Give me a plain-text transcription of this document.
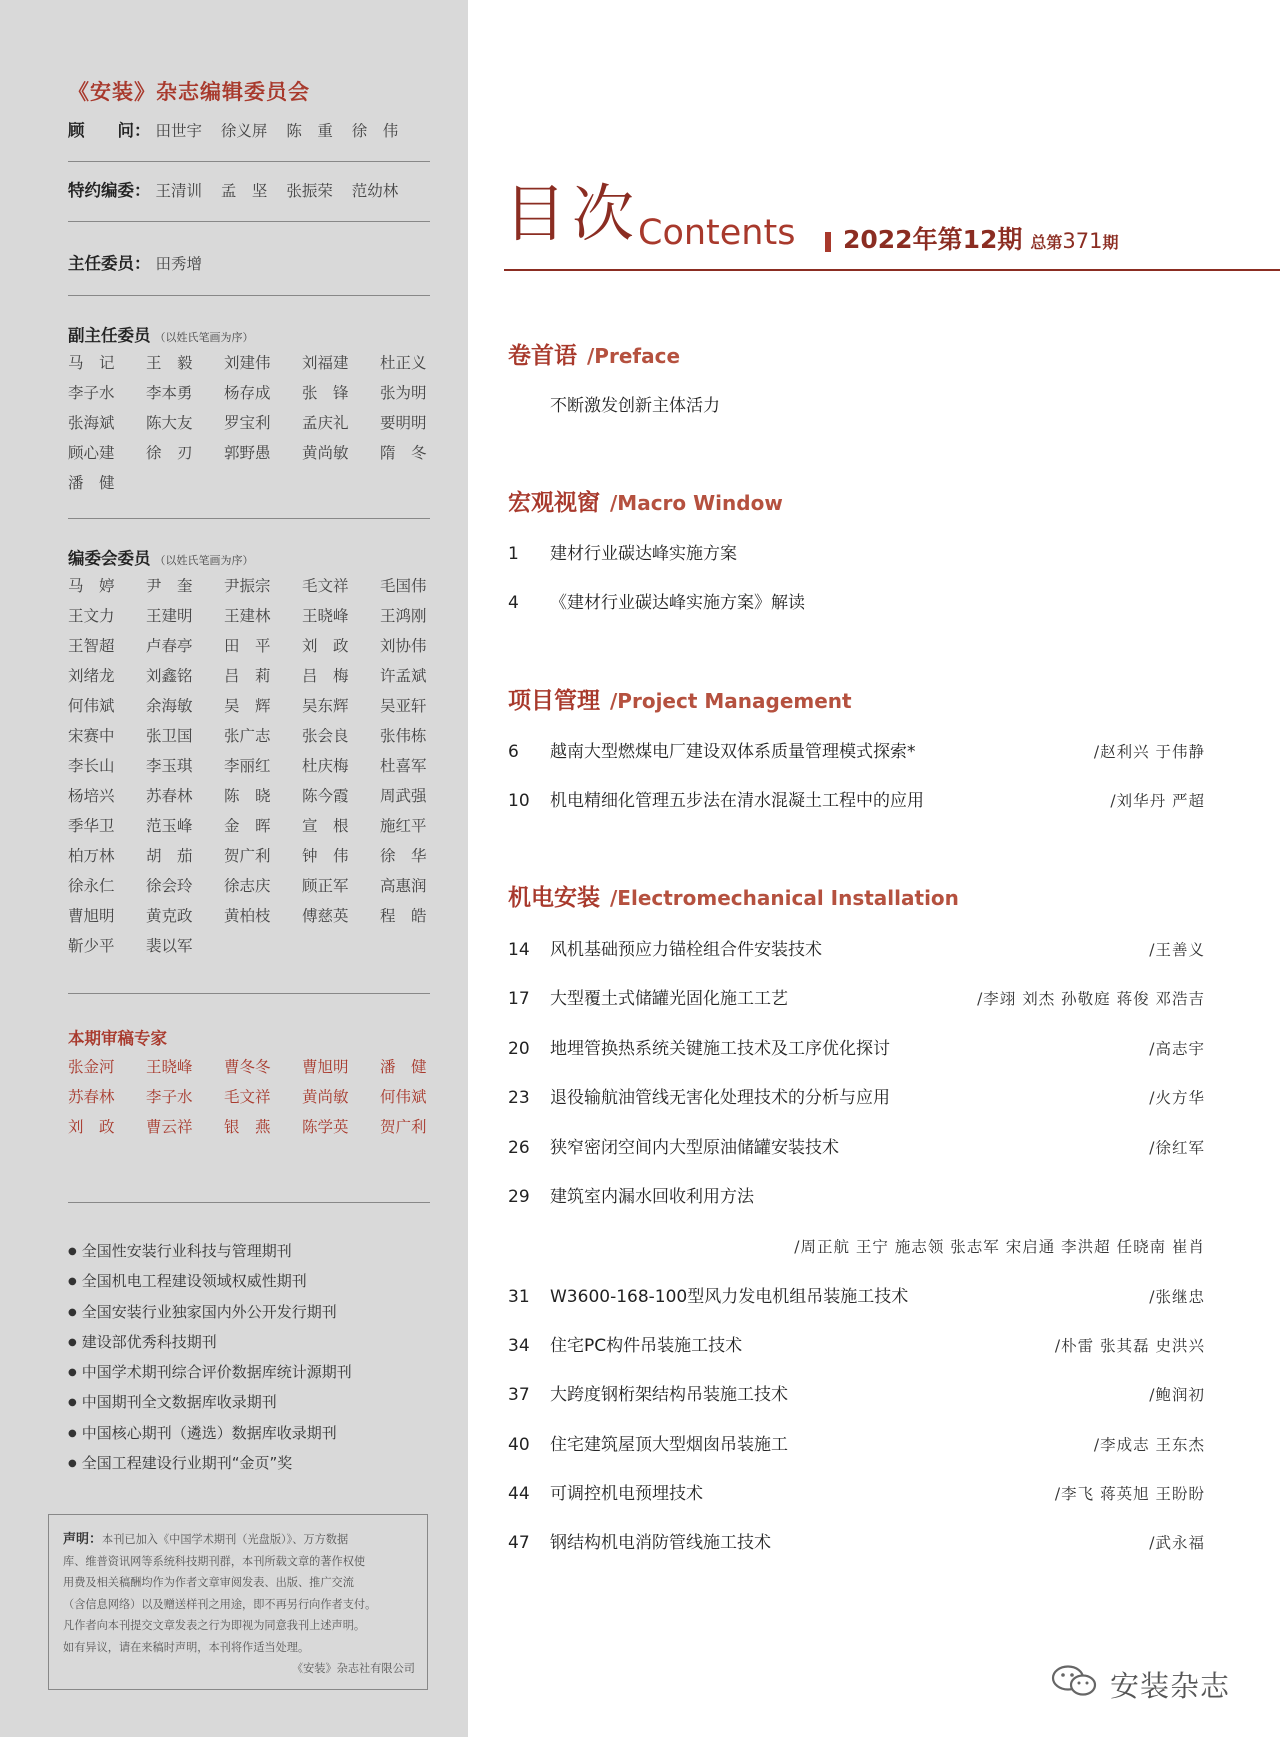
《安装》杂志编辑委员会
顾　　问： 田世宇 徐义屏 陈　重 徐　伟
特约编委： 王清训 孟　坚 张振荣 范幼林
主任委员： 田秀增
副主任委员 （以姓氏笔画为序）
马　记	王　毅	刘建伟	刘福建	杜正义
李子水	李本勇	杨存成	张　锋	张为明
张海斌	陈大友	罗宝利	孟庆礼	要明明
顾心建	徐　刃	郭野愚	黄尚敏	隋　冬
潘　健
编委会委员 （以姓氏笔画为序）
马　婷	尹　奎	尹振宗	毛文祥	毛国伟
王文力	王建明	王建林	王晓峰	王鸿刚
王智超	卢春亭	田　平	刘　政	刘协伟
刘绪龙	刘鑫铭	吕　莉	吕　梅	许孟斌
何伟斌	余海敏	吴　辉	吴东辉	吴亚轩
宋赛中	张卫国	张广志	张会良	张伟栋
李长山	李玉琪	李丽红	杜庆梅	杜喜军
杨培兴	苏春林	陈　晓	陈今霞	周武强
季华卫	范玉峰	金　晖	宣　根	施红平
柏万林	胡　茄	贺广利	钟　伟	徐　华
徐永仁	徐会玲	徐志庆	顾正军	高惠润
曹旭明	黄克政	黄柏枝	傅慈英	程　皓
靳少平	裴以军
本期审稿专家
张金河	王晓峰	曹冬冬	曹旭明	潘　健
苏春林	李子水	毛文祥	黄尚敏	何伟斌
刘　政	曹云祥	银　燕	陈学英	贺广利
● 全国性安装行业科技与管理期刊
● 全国机电工程建设领域权威性期刊
● 全国安装行业独家国内外公开发行期刊
● 建设部优秀科技期刊
● 中国学术期刊综合评价数据库统计源期刊
● 中国期刊全文数据库收录期刊
● 中国核心期刊（遴选）数据库收录期刊
● 全国工程建设行业期刊“金页”奖
声明：本刊已加入《中国学术期刊（光盘版）》、万方数据
库、维普资讯网等系统科技期刊群，本刊所载文章的著作权使
用费及相关稿酬均作为作者文章审阅发表、出版、推广交流
（含信息网络）以及赠送样刊之用途，即不再另行向作者支付。
凡作者向本刊提交文章发表之行为即视为同意我刊上述声明。
如有异议，请在来稿时声明，本刊将作适当处理。
《安装》杂志社有限公司
目次
Contents 2022年第12期 总第371期
卷首语 /Preface
不断激发创新主体活力
宏观视窗 /Macro Window
1 建材行业碳达峰实施方案
4 《建材行业碳达峰实施方案》解读
项目管理 /Project Management
6 越南大型燃煤电厂建设双体系质量管理模式探索*	/赵利兴 于伟静
10 机电精细化管理五步法在清水混凝土工程中的应用	/刘华丹 严超
机电安装 /Electromechanical Installation
14 风机基础预应力锚栓组合件安装技术	/王善义
17 大型覆土式储罐光固化施工工艺	/李翊 刘杰 孙敬庭 蒋俊 邓浩吉
20 地埋管换热系统关键施工技术及工序优化探讨	/高志宇
23 退役输航油管线无害化处理技术的分析与应用	/火方华
26 狭窄密闭空间内大型原油储罐安装技术	/徐红军
29 建筑室内漏水回收利用方法
/周正航 王宁 施志领 张志军 宋启通 李洪超 任晓南 崔肖
31 W3600-168-100型风力发电机组吊装施工技术	/张继忠
34 住宅PC构件吊装施工技术	/朴雷 张其磊 史洪兴
37 大跨度钢桁架结构吊装施工技术	/鲍润初
40 住宅建筑屋顶大型烟囱吊装施工	/李成志 王东杰
44 可调控机电预埋技术	/李飞 蒋英旭 王盼盼
47 钢结构机电消防管线施工技术	/武永福
安装杂志
